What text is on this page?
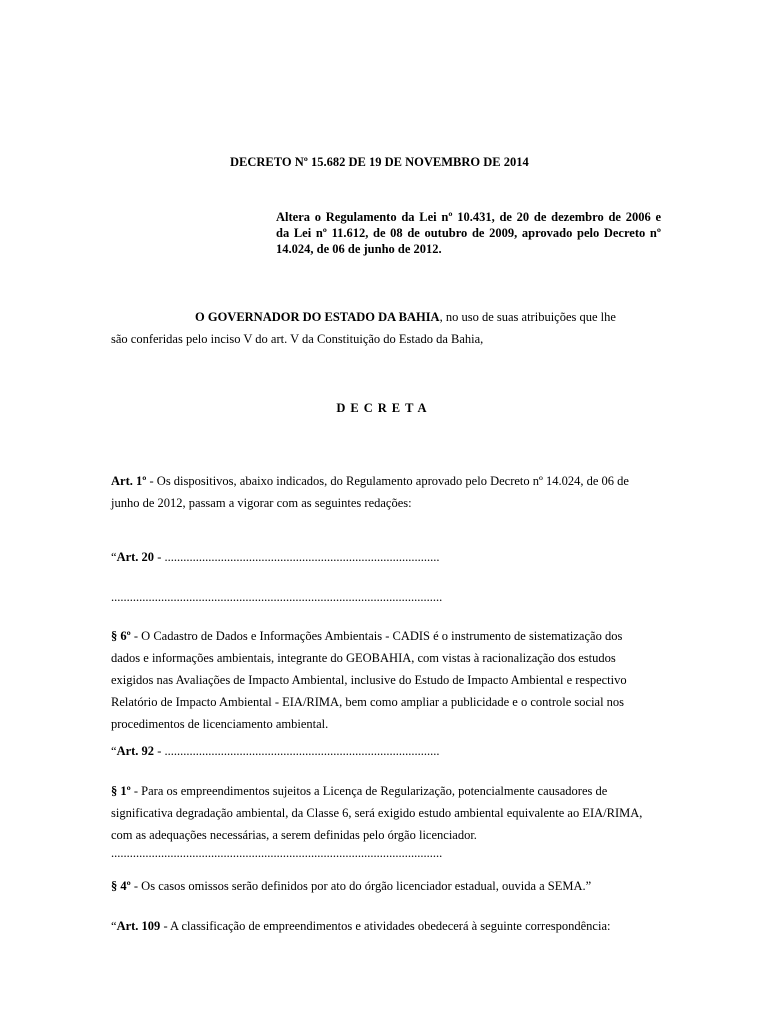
DECRETO Nº 15.682 DE 19 DE NOVEMBRO DE 2014
Altera o Regulamento da Lei nº 10.431, de 20 de dezembro de 2006 e
da Lei nº 11.612, de 08 de outubro de 2009, aprovado pelo Decreto nº
14.024, de 06 de junho de 2012.
O GOVERNADOR DO ESTADO DA BAHIA, no uso de suas atribuições que lhe
são conferidas pelo inciso V do art. V da Constituição do Estado da Bahia,
DECRETA
Art. 1º - Os dispositivos, abaixo indicados, do Regulamento aprovado pelo Decreto nº 14.024, de 06 de
junho de 2012, passam a vigorar com as seguintes redações:
“Art. 20 - ........................................................................................
..........................................................................................................
§ 6º - O Cadastro de Dados e Informações Ambientais - CADIS é o instrumento de sistematização dos
dados e informações ambientais, integrante do GEOBAHIA, com vistas à racionalização dos estudos
exigidos nas Avaliações de Impacto Ambiental, inclusive do Estudo de Impacto Ambiental e respectivo
Relatório de Impacto Ambiental - EIA/RIMA, bem como ampliar a publicidade e o controle social nos
procedimentos de licenciamento ambiental.
“Art. 92 - ........................................................................................
§ 1º - Para os empreendimentos sujeitos a Licença de Regularização, potencialmente causadores de
significativa degradação ambiental, da Classe 6, será exigido estudo ambiental equivalente ao EIA/RIMA,
com as adequações necessárias, a serem definidas pelo órgão licenciador.
..........................................................................................................
§ 4º - Os casos omissos serão definidos por ato do órgão licenciador estadual, ouvida a SEMA.”
“Art. 109 - A classificação de empreendimentos e atividades obedecerá à seguinte correspondência:
